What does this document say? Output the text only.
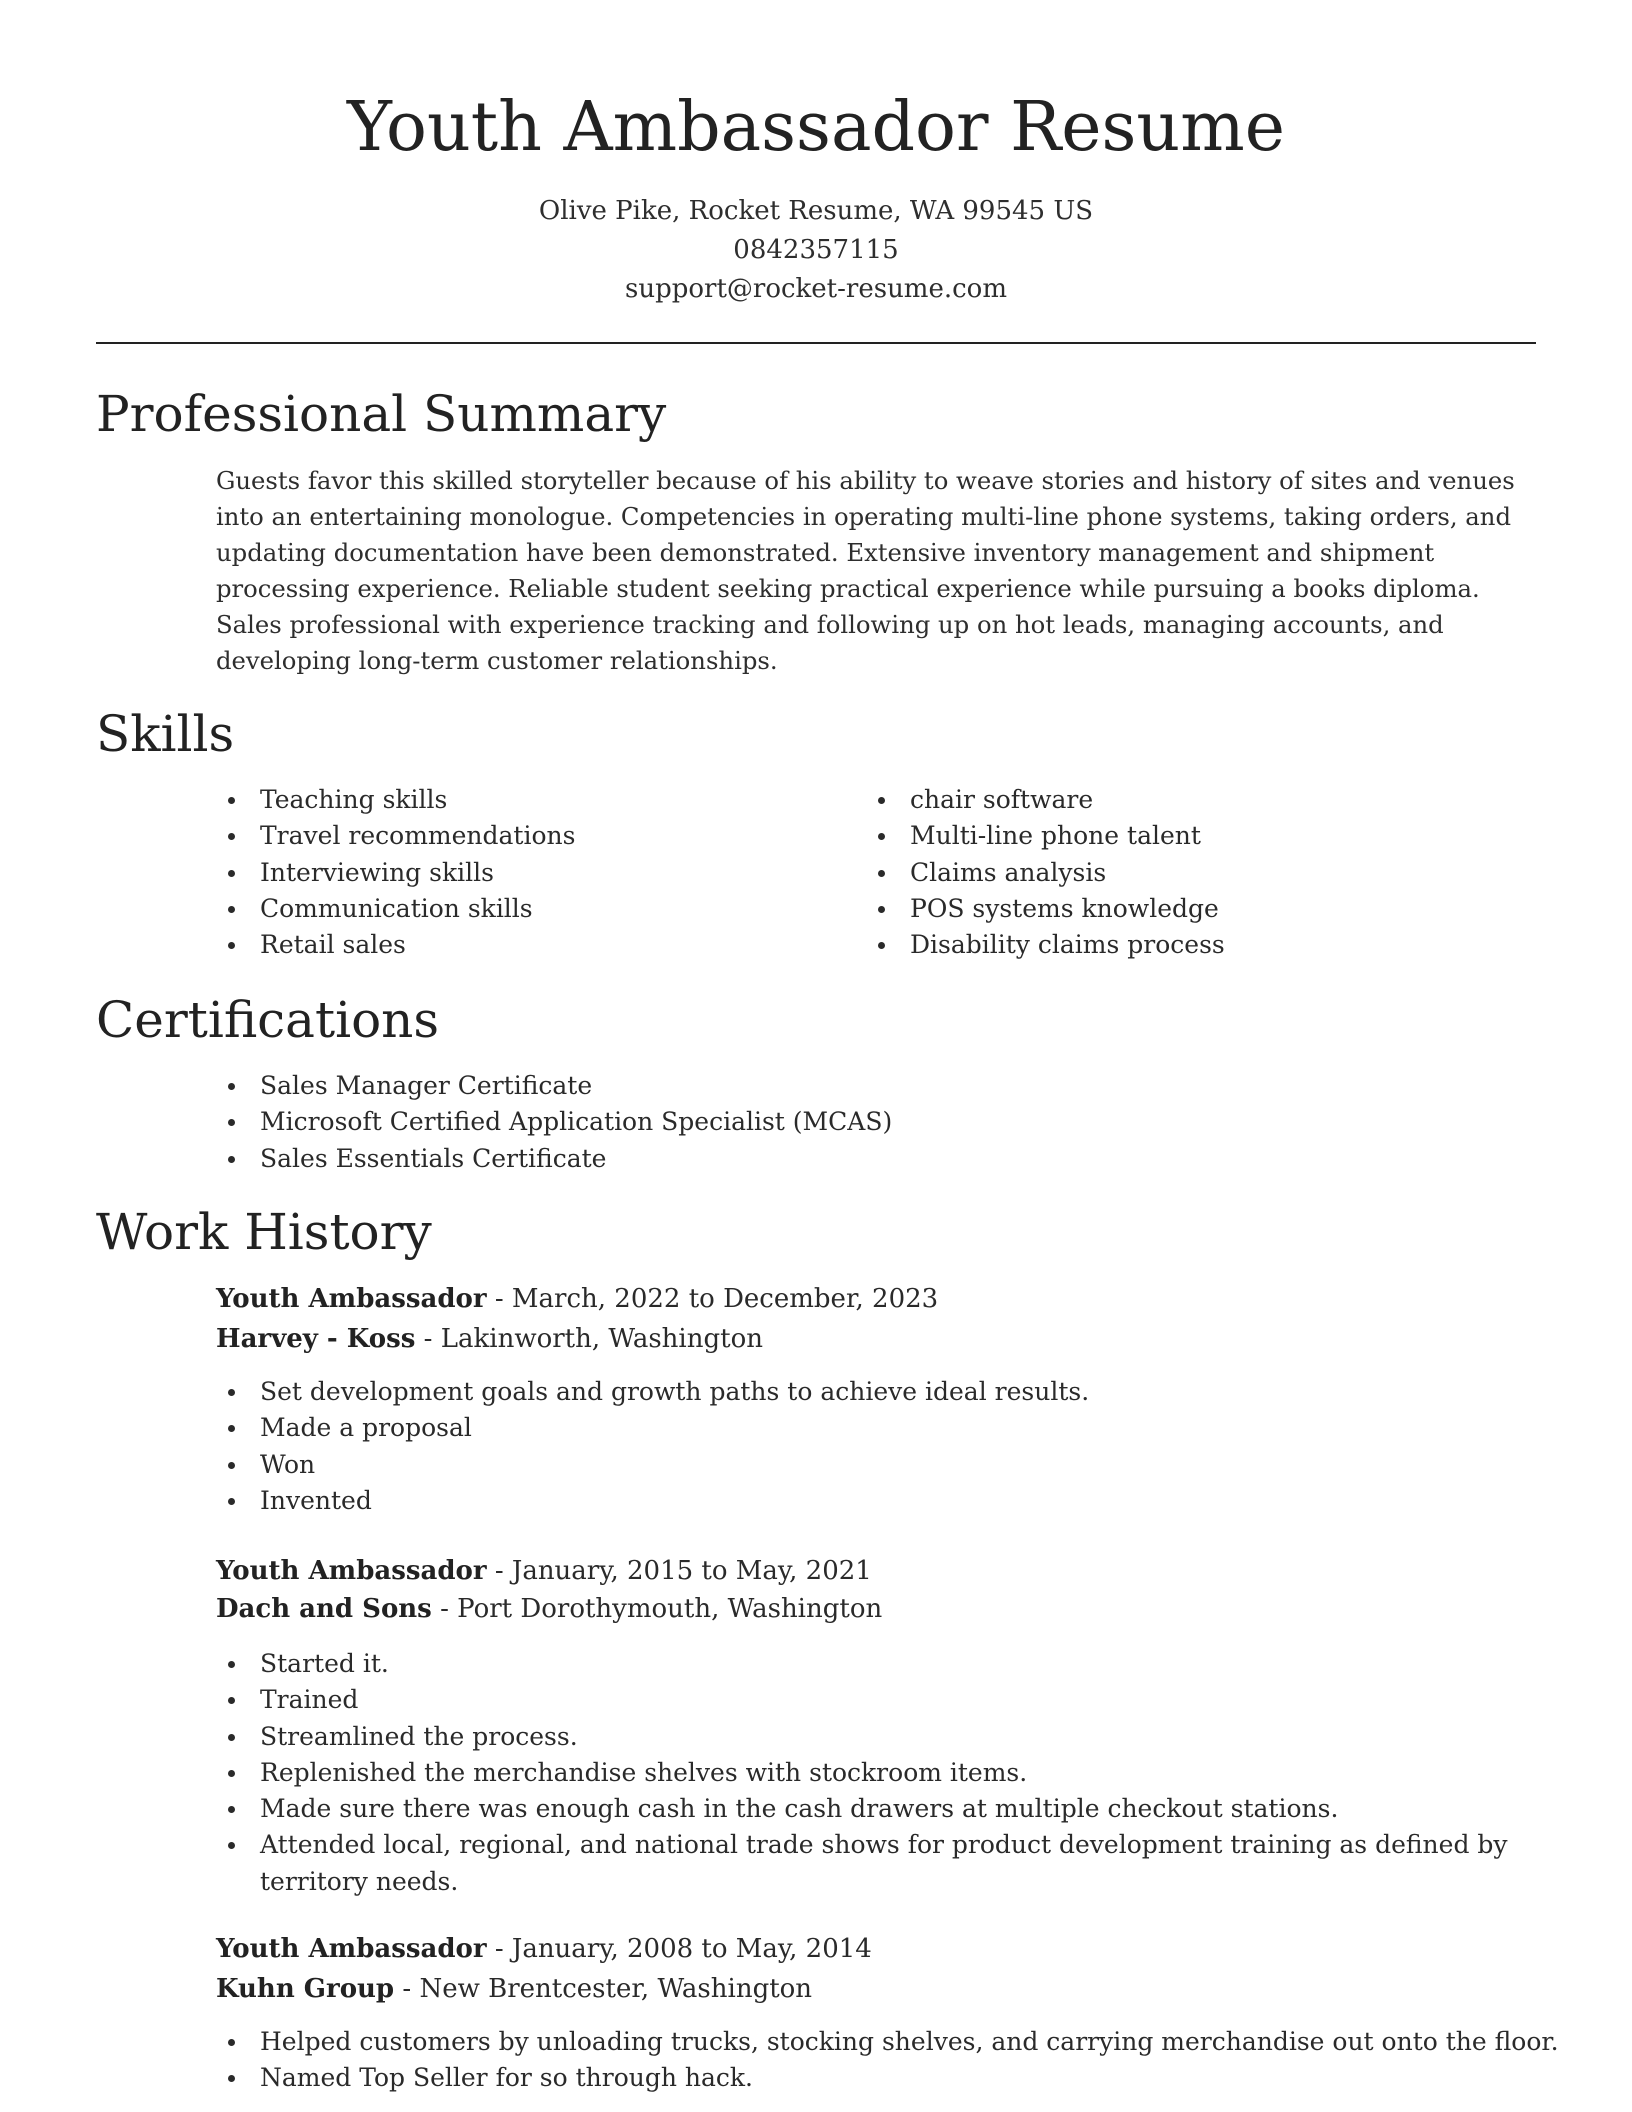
Youth Ambassador Resume
Olive Pike, Rocket Resume, WA 99545 US
0842357115
support@rocket-resume.com
Professional Summary

Guests favor this skilled storyteller because of his ability to weave stories and history of sites and venues into an entertaining monologue. Competencies in operating multi-line phone systems, taking orders, and updating documentation have been demonstrated. Extensive inventory management and shipment processing experience. Reliable student seeking practical experience while pursuing a books diploma. Sales professional with experience tracking and following up on hot leads, managing accounts, and developing long-term customer relationships.

Skills
Teaching skills
Travel recommendations
Interviewing skills
Communication skills
Retail sales
chair software
Multi-line phone talent
Claims analysis
POS systems knowledge
Disability claims process
Certifications
Sales Manager Certificate
Microsoft Certified Application Specialist (MCAS)
Sales Essentials Certificate
Work History
Youth Ambassador - March, 2022 to December, 2023
Harvey - Koss - Lakinworth, Washington
Set development goals and growth paths to achieve ideal results.
Made a proposal
Won
Invented
Youth Ambassador - January, 2015 to May, 2021
Dach and Sons - Port Dorothymouth, Washington
Started it.
Trained
Streamlined the process.
Replenished the merchandise shelves with stockroom items.
Made sure there was enough cash in the cash drawers at multiple checkout stations.
Attended local, regional, and national trade shows for product development training as defined by territory needs.
Youth Ambassador - January, 2008 to May, 2014
Kuhn Group - New Brentcester, Washington
Helped customers by unloading trucks, stocking shelves, and carrying merchandise out onto the floor.
Named Top Seller for so through hack.
